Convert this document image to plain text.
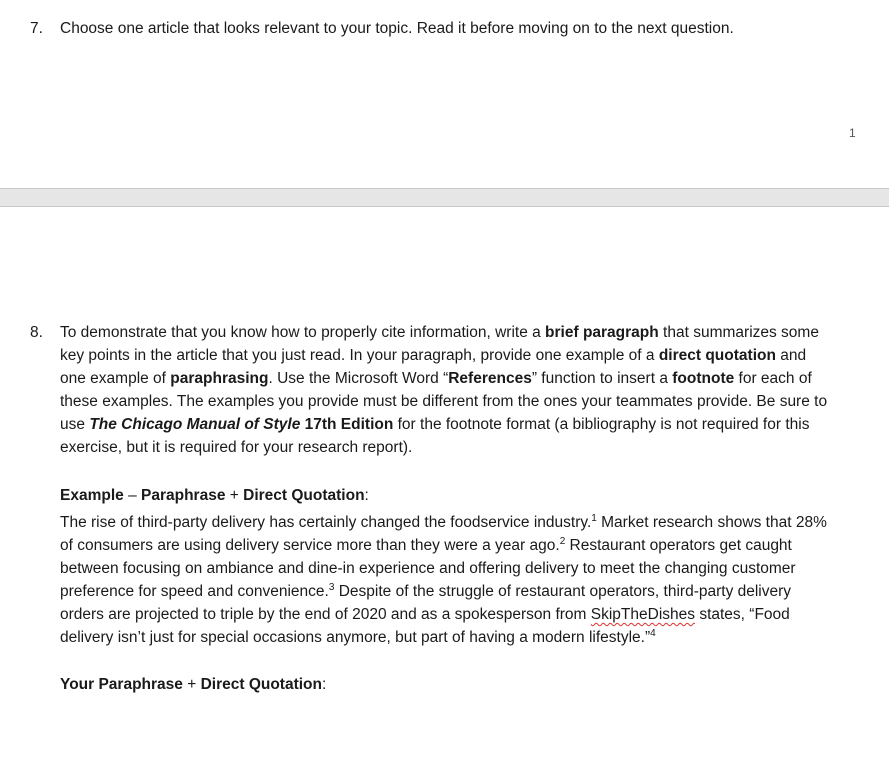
7.	Choose one article that looks relevant to your topic. Read it before moving on to the next question.
1
8.	To demonstrate that you know how to properly cite information, write a brief paragraph that summarizes some key points in the article that you just read. In your paragraph, provide one example of a direct quotation and one example of paraphrasing. Use the Microsoft Word “References” function to insert a footnote for each of these examples. The examples you provide must be different from the ones your teammates provide. Be sure to use The Chicago Manual of Style 17th Edition for the footnote format (a bibliography is not required for this exercise, but it is required for your research report).
Example – Paraphrase + Direct Quotation:
The rise of third-party delivery has certainly changed the foodservice industry.$^1$ Market research shows that 28% of consumers are using delivery service more than they were a year ago.$^2$ Restaurant operators get caught between focusing on ambiance and dine-in experience and offering delivery to meet the changing customer preference for speed and convenience.$^3$ Despite of the struggle of restaurant operators, third-party delivery orders are projected to triple by the end of 2020 and as a spokesperson from SkipTheDishes states, “Food delivery isn’t just for special occasions anymore, but part of having a modern lifestyle.”$^4$
Your Paraphrase + Direct Quotation:
